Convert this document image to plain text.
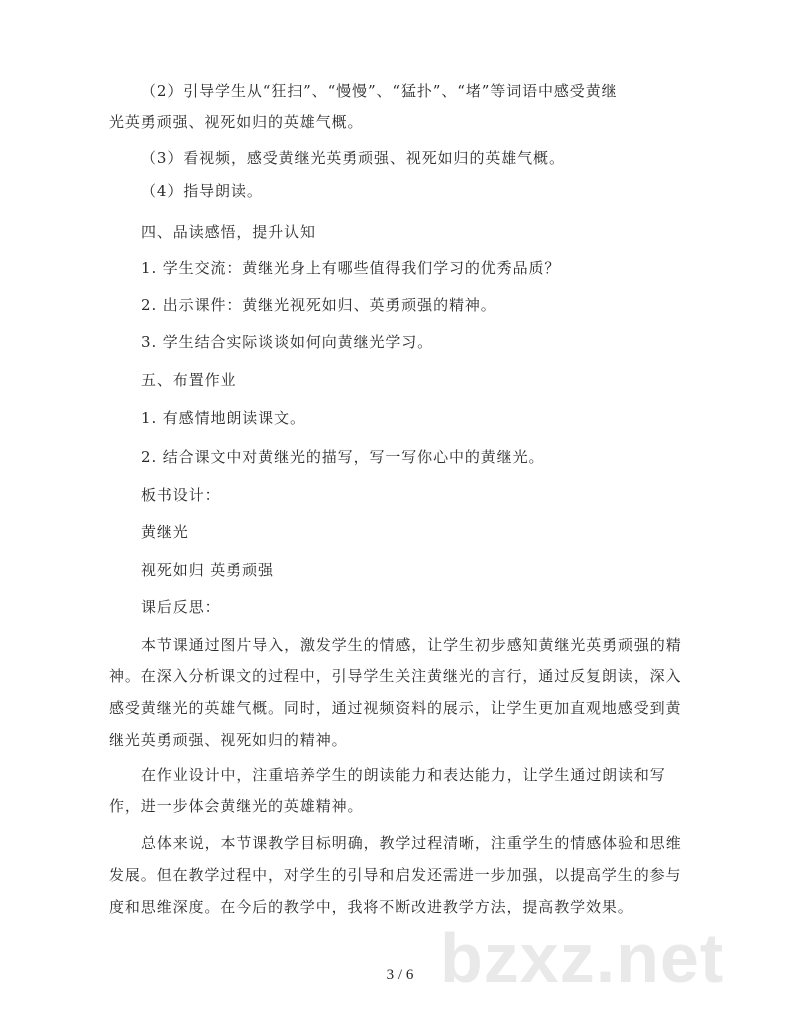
（2）引导学生从“狂扫”、“慢慢”、“猛扑”、“堵”等词语中感受黄继
光英勇顽强、视死如归的英雄气概。
（3）看视频，感受黄继光英勇顽强、视死如归的英雄气概。
（4）指导朗读。
四、品读感悟，提升认知
1. 学生交流：黄继光身上有哪些值得我们学习的优秀品质？
2. 出示课件：黄继光视死如归、英勇顽强的精神。
3. 学生结合实际谈谈如何向黄继光学习。
五、布置作业
1. 有感情地朗读课文。
2. 结合课文中对黄继光的描写，写一写你心中的黄继光。
板书设计：
黄继光
视死如归 英勇顽强
课后反思：
本节课通过图片导入，激发学生的情感，让学生初步感知黄继光英勇顽强的精
神。在深入分析课文的过程中，引导学生关注黄继光的言行，通过反复朗读，深入
感受黄继光的英雄气概。同时，通过视频资料的展示，让学生更加直观地感受到黄
继光英勇顽强、视死如归的精神。
在作业设计中，注重培养学生的朗读能力和表达能力，让学生通过朗读和写
作，进一步体会黄继光的英雄精神。
总体来说，本节课教学目标明确，教学过程清晰，注重学生的情感体验和思维
发展。但在教学过程中，对学生的引导和启发还需进一步加强，以提高学生的参与
度和思维深度。在今后的教学中，我将不断改进教学方法，提高教学效果。
bzxz.net
3 / 6
